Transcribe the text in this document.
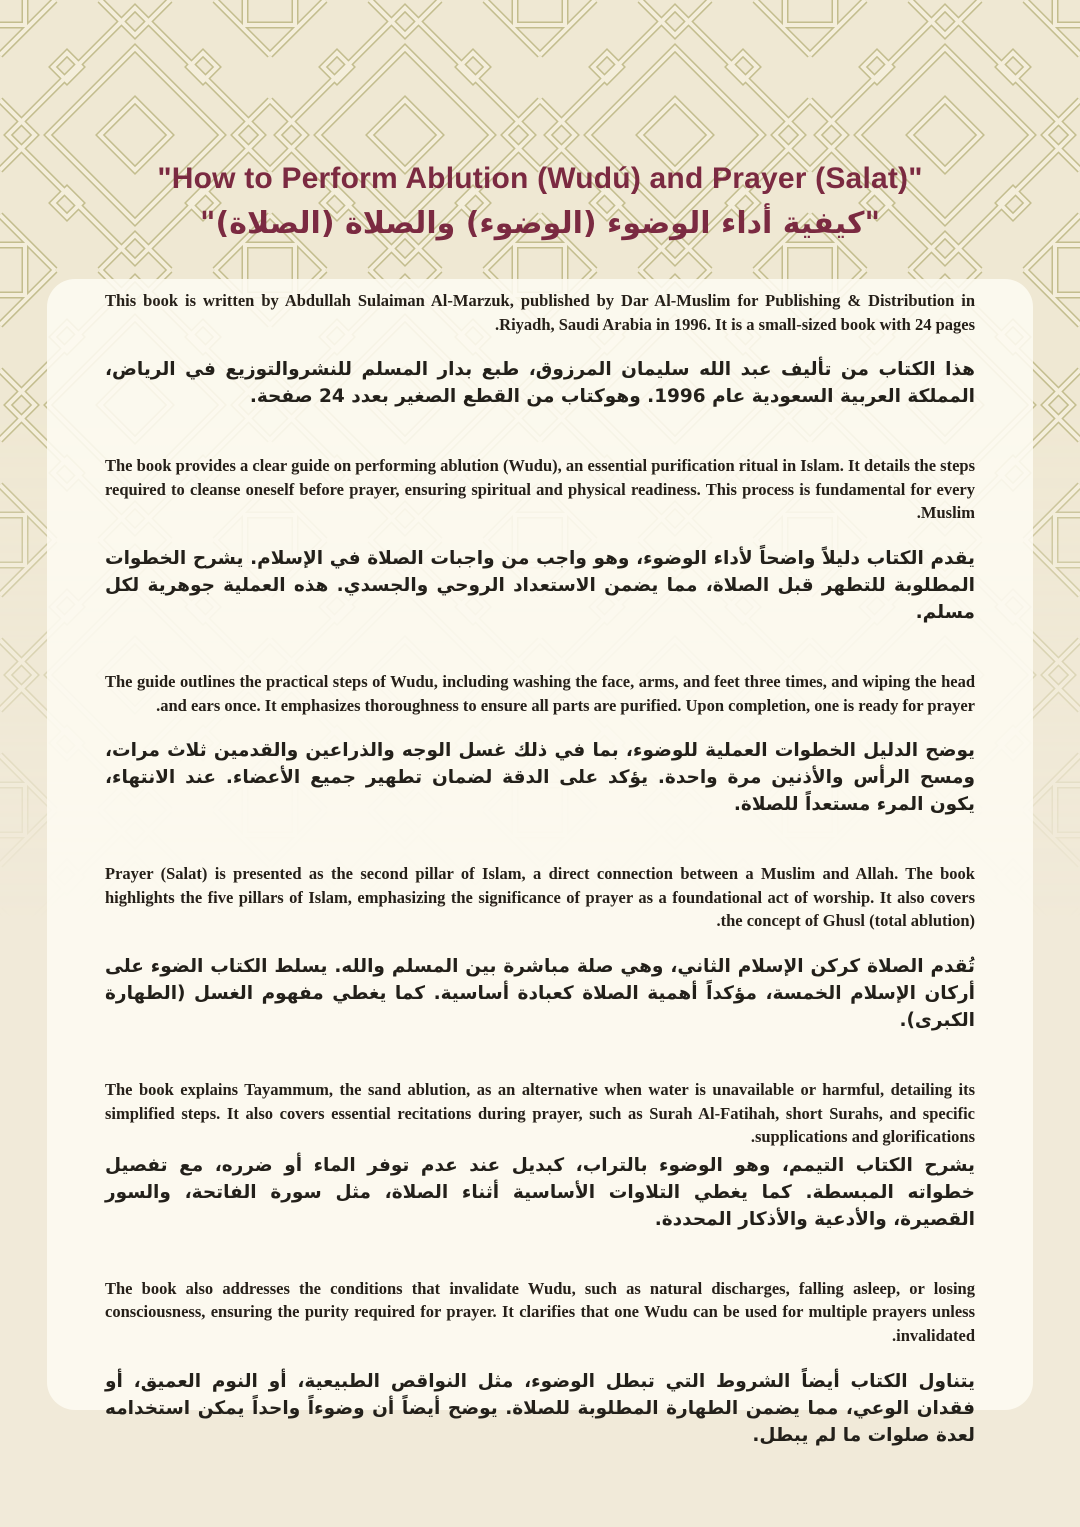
"How to Perform Ablution (Wudú) and Prayer (Salat)"
"كيفية أداء الوضوء (الوضوء) والصلاة (الصلاة)"

This book is written by Abdullah Sulaiman Al-Marzuk, published by Dar Al-Muslim for Publishing & Distribution in Riyadh, Saudi Arabia in 1996. It is a small-sized book with 24 pages.

هذا الكتاب من تأليف عبد الله سليمان المرزوق، طبع بدار المسلم للنشروالتوزيع في الرياض، المملكة العربية السعودية عام 1996. وهوكتاب من القطع الصغير بعدد 24 صفحة.

The book provides a clear guide on performing ablution (Wudu), an essential purification ritual in Islam. It details the steps required to cleanse oneself before prayer, ensuring spiritual and physical readiness. This process is fundamental for every Muslim.

يقدم الكتاب دليلاً واضحاً لأداء الوضوء، وهو واجب من واجبات الصلاة في الإسلام. يشرح الخطوات المطلوبة للتطهر قبل الصلاة، مما يضمن الاستعداد الروحي والجسدي. هذه العملية جوهرية لكل مسلم.

The guide outlines the practical steps of Wudu, including washing the face, arms, and feet three times, and wiping the head and ears once. It emphasizes thoroughness to ensure all parts are purified. Upon completion, one is ready for prayer.

يوضح الدليل الخطوات العملية للوضوء، بما في ذلك غسل الوجه والذراعين والقدمين ثلاث مرات، ومسح الرأس والأذنين مرة واحدة. يؤكد على الدقة لضمان تطهير جميع الأعضاء. عند الانتهاء، يكون المرء مستعداً للصلاة.

Prayer (Salat) is presented as the second pillar of Islam, a direct connection between a Muslim and Allah. The book highlights the five pillars of Islam, emphasizing the significance of prayer as a foundational act of worship. It also covers the concept of Ghusl (total ablution).

تُقدم الصلاة كركن الإسلام الثاني، وهي صلة مباشرة بين المسلم والله. يسلط الكتاب الضوء على أركان الإسلام الخمسة، مؤكداً أهمية الصلاة كعبادة أساسية. كما يغطي مفهوم الغسل (الطهارة الكبرى).

The book explains Tayammum, the sand ablution, as an alternative when water is unavailable or harmful, detailing its simplified steps. It also covers essential recitations during prayer, such as Surah Al-Fatihah, short Surahs, and specific supplications and glorifications.

يشرح الكتاب التيمم، وهو الوضوء بالتراب، كبديل عند عدم توفر الماء أو ضرره، مع تفصيل خطواته المبسطة. كما يغطي التلاوات الأساسية أثناء الصلاة، مثل سورة الفاتحة، والسور القصيرة، والأدعية والأذكار المحددة.

The book also addresses the conditions that invalidate Wudu, such as natural discharges, falling asleep, or losing consciousness, ensuring the purity required for prayer. It clarifies that one Wudu can be used for multiple prayers unless invalidated.

يتناول الكتاب أيضاً الشروط التي تبطل الوضوء، مثل النواقص الطبيعية، أو النوم العميق، أو فقدان الوعي، مما يضمن الطهارة المطلوبة للصلاة. يوضح أيضاً أن وضوءاً واحداً يمكن استخدامه لعدة صلوات ما لم يبطل.
